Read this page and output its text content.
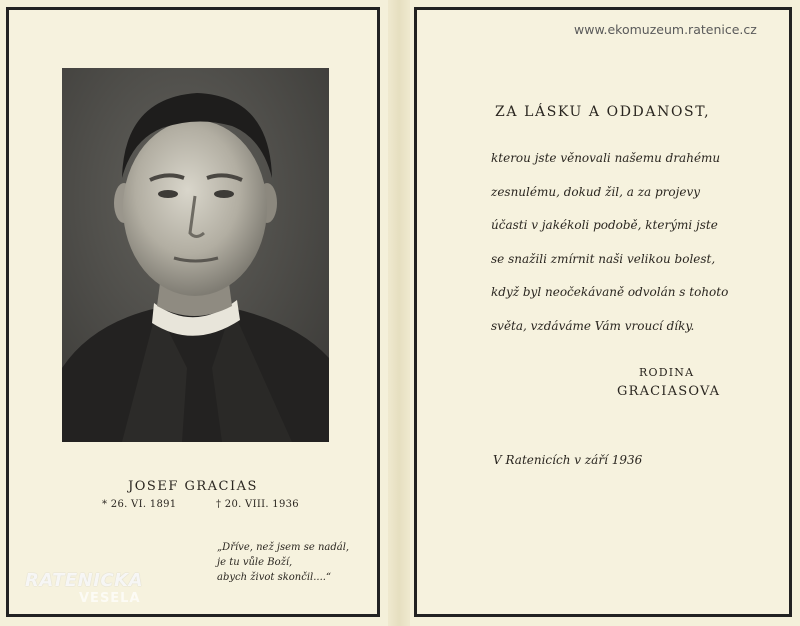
JOSEF GRACIAS
* 26. VI. 1891	† 20. VIII. 1936
„Dříve, než jsem se nadál,
je tu vůle Boží,
abych život skončil....“
RATENICKA
VESELA
ZA LÁSKU A ODDANOST,
kterou jste věnovali našemu drahému
zesnulému, dokud žil, a za projevy
účasti v jakékoli podobě, kterými jste
se snažili zmírnit naši velikou bolest,
když byl neočekávaně odvolán s tohoto
světa, vzdáváme Vám vroucí díky.
RODINA
GRACIASOVA
V Ratenicích v září 1936
www.ekomuzeum.ratenice.cz
